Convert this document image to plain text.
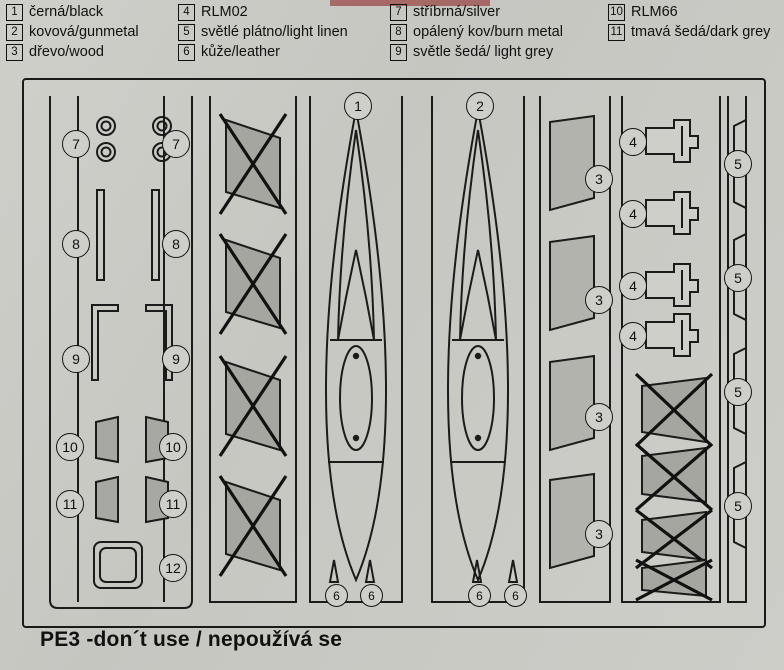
1 černá/black
2 kovová/gunmetal
3 dřevo/wood
4 RLM02
5 světlé plátno/light linen
6 kůže/leather
7 stříbrná/silver
8 opálený kov/burn metal
9 světle šedá/ light grey
10 RLM66
11 tmavá šedá/dark grey
7	7
8	8
9	9
10	10
11	11
12
1	2
6	6	6	6
3
3
3
3
4
4
4
4
5
5
5
5
PE3 -don´t use / nepoužívá se
